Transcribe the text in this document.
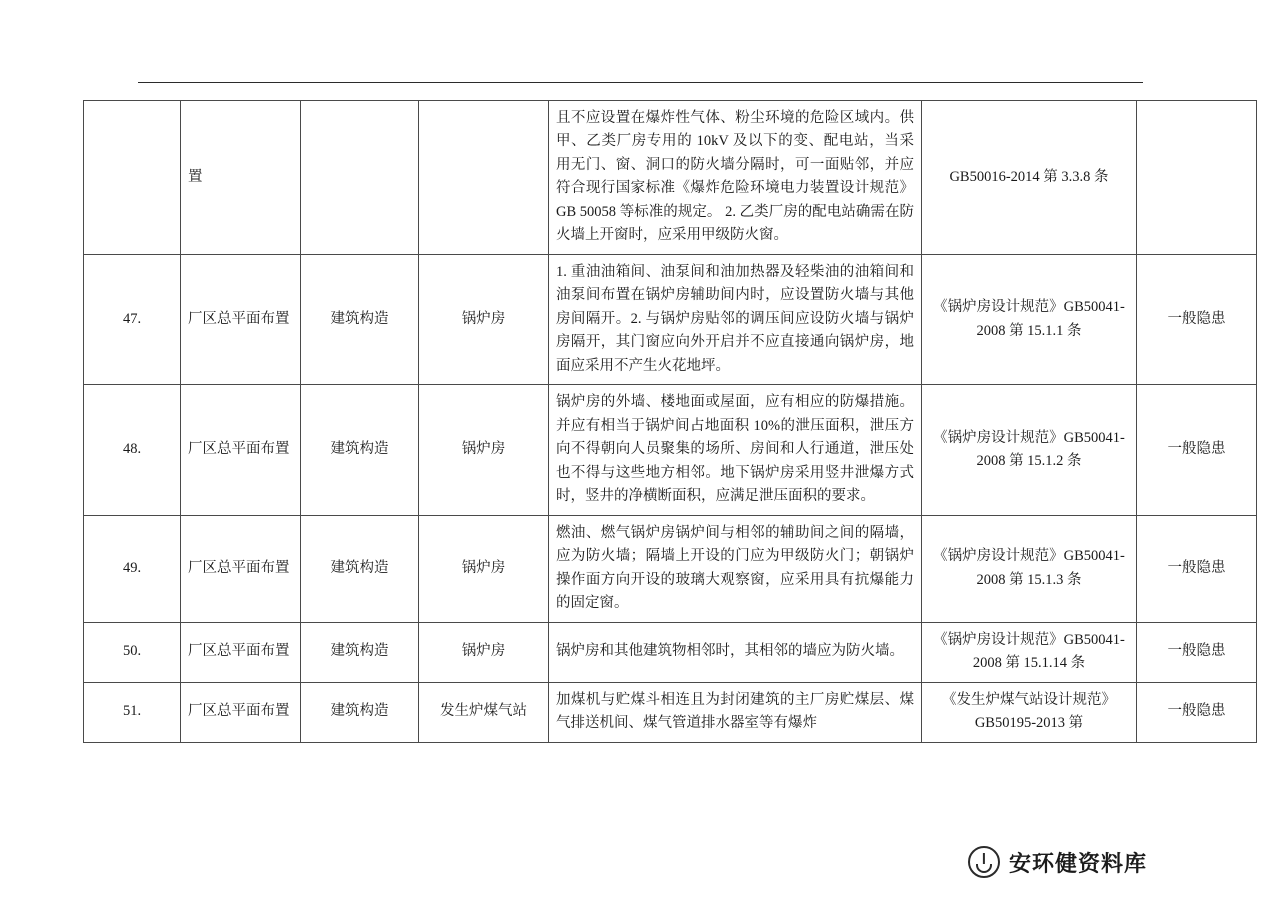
	置			且不应设置在爆炸性气体、粉尘环境的危险区域内。供甲、乙类厂房专用的 10kV 及以下的变、配电站，当采用无门、窗、洞口的防火墙分隔时，可一面贴邻，并应符合现行国家标准《爆炸危险环境电力装置设计规范》GB 50058 等标准的规定。 2. 乙类厂房的配电站确需在防火墙上开窗时，应采用甲级防火窗。	GB50016-2014 第 3.3.8 条	
47.	厂区总平面布置	建筑构造	锅炉房	1. 重油油箱间、油泵间和油加热器及轻柴油的油箱间和油泵间布置在锅炉房辅助间内时，应设置防火墙与其他房间隔开。2. 与锅炉房贴邻的调压间应设防火墙与锅炉房隔开，其门窗应向外开启并不应直接通向锅炉房，地面应采用不产生火花地坪。	《锅炉房设计规范》GB50041-2008 第 15.1.1 条	一般隐患
48.	厂区总平面布置	建筑构造	锅炉房	锅炉房的外墙、楼地面或屋面，应有相应的防爆措施。并应有相当于锅炉间占地面积 10%的泄压面积，泄压方向不得朝向人员聚集的场所、房间和人行通道，泄压处也不得与这些地方相邻。地下锅炉房采用竖井泄爆方式时，竖井的净横断面积，应满足泄压面积的要求。	《锅炉房设计规范》GB50041-2008 第 15.1.2 条	一般隐患
49.	厂区总平面布置	建筑构造	锅炉房	燃油、燃气锅炉房锅炉间与相邻的辅助间之间的隔墙，应为防火墙；隔墙上开设的门应为甲级防火门；朝锅炉操作面方向开设的玻璃大观察窗，应采用具有抗爆能力的固定窗。	《锅炉房设计规范》GB50041-2008 第 15.1.3 条	一般隐患
50.	厂区总平面布置	建筑构造	锅炉房	锅炉房和其他建筑物相邻时，其相邻的墙应为防火墙。	《锅炉房设计规范》GB50041-2008 第 15.1.14 条	一般隐患
51.	厂区总平面布置	建筑构造	发生炉煤气站	加煤机与贮煤斗相连且为封闭建筑的主厂房贮煤层、煤气排送机间、煤气管道排水器室等有爆炸	《发生炉煤气站设计规范》GB50195-2013 第	一般隐患
安环健资料库
